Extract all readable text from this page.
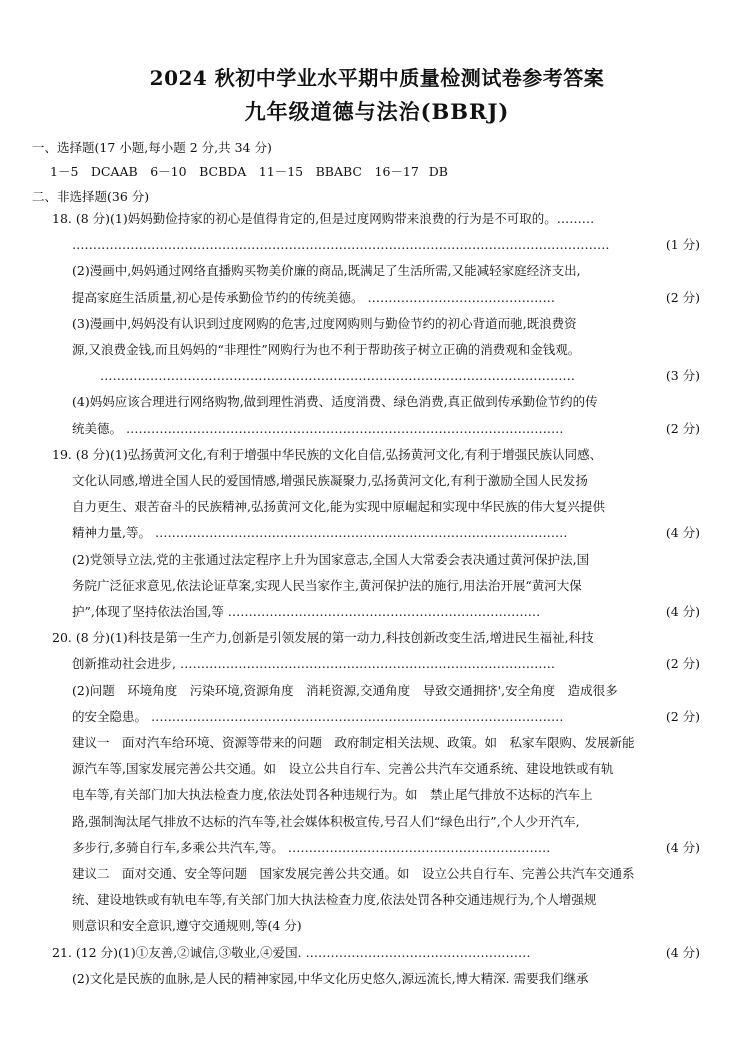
2024 秋初中学业水平期中质量检测试卷参考答案
九年级道德与法治(BBRJ)
一、选择题(17 小题,每小题 2 分,共 34 分)
1－5　DCAAB　6－10　BCBDA　11－15　BBABC　16－17 DB
二、非选择题(36 分)
18. (8 分)(1)妈妈勤俭持家的初心是值得肯定的,但是过度网购带来浪费的行为是不可取的。………
…………………………………………………………………………………………………………………	(1 分)
(2)漫画中,妈妈通过网络直播购买物美价廉的商品,既满足了生活所需,又能减轻家庭经济支出,
提高家庭生活质量,初心是传承勤俭节约的传统美德。 ………………………………………	(2 分)
(3)漫画中,妈妈没有认识到过度网购的危害,过度网购则与勤俭节约的初心背道而驰,既浪费资
源,又浪费金钱,而且妈妈的“非理性”网购行为也不利于帮助孩子树立正确的消费观和金钱观。
……………………………………………………………………………………………………	(3 分)
(4)妈妈应该合理进行网络购物,做到理性消费、适度消费、绿色消费,真正做到传承勤俭节约的传
统美德。 ……………………………………………………………………………………………	(2 分)
19. (8 分)(1)弘扬黄河文化,有利于增强中华民族的文化自信,弘扬黄河文化,有利于增强民族认同感、
文化认同感,增进全国人民的爱国情感,增强民族凝聚力,弘扬黄河文化,有利于激励全国人民发扬
自力更生、艰苦奋斗的民族精神,弘扬黄河文化,能为实现中原崛起和实现中华民族的伟大复兴提供
精神力量,等。 ………………………………………………………………………………………	(4 分)
(2)党领导立法,党的主张通过法定程序上升为国家意志,全国人大常委会表决通过黄河保护法,国
务院广泛征求意见,依法论证草案,实现人民当家作主,黄河保护法的施行,用法治开展“黄河大保
护”,体现了坚持依法治国,等 …………………………………………………………………	(4 分)
20. (8 分)(1)科技是第一生产力,创新是引领发展的第一动力,科技创新改变生活,增进民生福祉,科技
创新推动社会进步, ………………………………………………………………………………	(2 分)
(2)问题　环境角度　污染环境,资源角度　消耗资源,交通角度　导致交通拥挤',安全角度　造成很多
的安全隐患。 ………………………………………………………………………………………	(2 分)
建议一　面对汽车给环境、资源等带来的问题　政府制定相关法规、政策。如　私家车限购、发展新能
源汽车等,国家发展完善公共交通。如　设立公共自行车、完善公共汽车交通系统、建设地铁或有轨
电车等,有关部门加大执法检查力度,依法处罚各种违规行为。如　禁止尾气排放不达标的汽车上
路,强制淘汰尾气排放不达标的汽车等,社会媒体积极宣传,号召人们“绿色出行”,个人少开汽车,
多步行,多骑自行车,多乘公共汽车,等。 ………………………………………………………	(4 分)
建议二　面对交通、安全等问题　国家发展完善公共交通。如　设立公共自行车、完善公共汽车交通系
统、建设地铁或有轨电车等,有关部门加大执法检查力度,依法处罚各种交通违规行为,个人增强规
则意识和安全意识,遵守交通规则,等(4 分)
21. (12 分)(1)①友善,②诚信,③敬业,④爱国. ………………………………………………	(4 分)
(2)文化是民族的血脉,是人民的精神家园,中华文化历史悠久,源远流长,博大精深. 需要我们继承
